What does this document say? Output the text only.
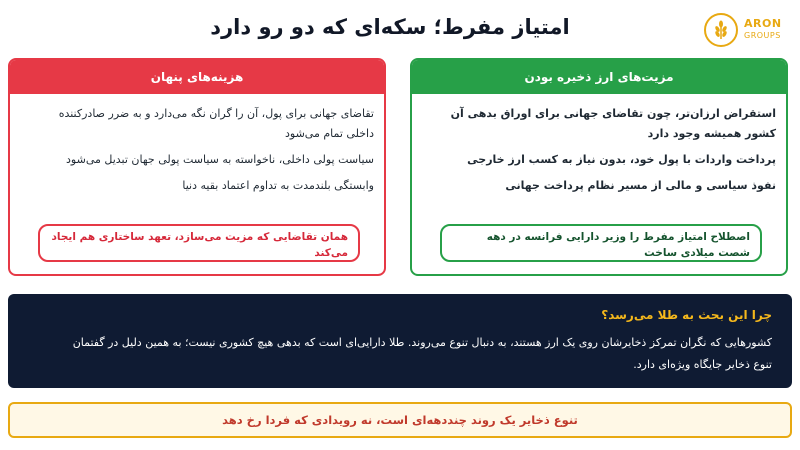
امتیاز مفرط؛ سکه‌ای که دو رو دارد	ARON
GROUPS
هزینه‌های پنهان
تقاضای جهانی برای پول، آن را گران نگه می‌دارد و به ضرر صادرکننده داخلی تمام می‌شود
سیاست پولی داخلی، ناخواسته به سیاست پولی جهان تبدیل می‌شود
وابستگی بلندمدت به تداوم اعتماد بقیه دنیا
همان تقاضایی که مزیت می‌سازد، تعهد ساختاری هم ایجاد می‌کند
مزیت‌های ارز ذخیره بودن
استقراض ارزان‌تر، چون تقاضای جهانی برای اوراق بدهی آن کشور همیشه وجود دارد
پرداخت واردات با پول خود، بدون نیاز به کسب ارز خارجی
نفوذ سیاسی و مالی از مسیر نظام پرداخت جهانی
اصطلاح امتیاز مفرط را وزیر دارایی فرانسه در دهه شصت میلادی ساخت
چرا این بحث به طلا می‌رسد؟
کشورهایی که نگران تمرکز ذخایرشان روی یک ارز هستند، به دنبال تنوع می‌روند. طلا دارایی‌ای است که بدهی هیچ کشوری نیست؛ به همین دلیل در گفتمان تنوع ذخایر جایگاه ویژه‌ای دارد.
تنوع ذخایر یک روند چنددهه‌ای است، نه رویدادی که فردا رخ دهد
